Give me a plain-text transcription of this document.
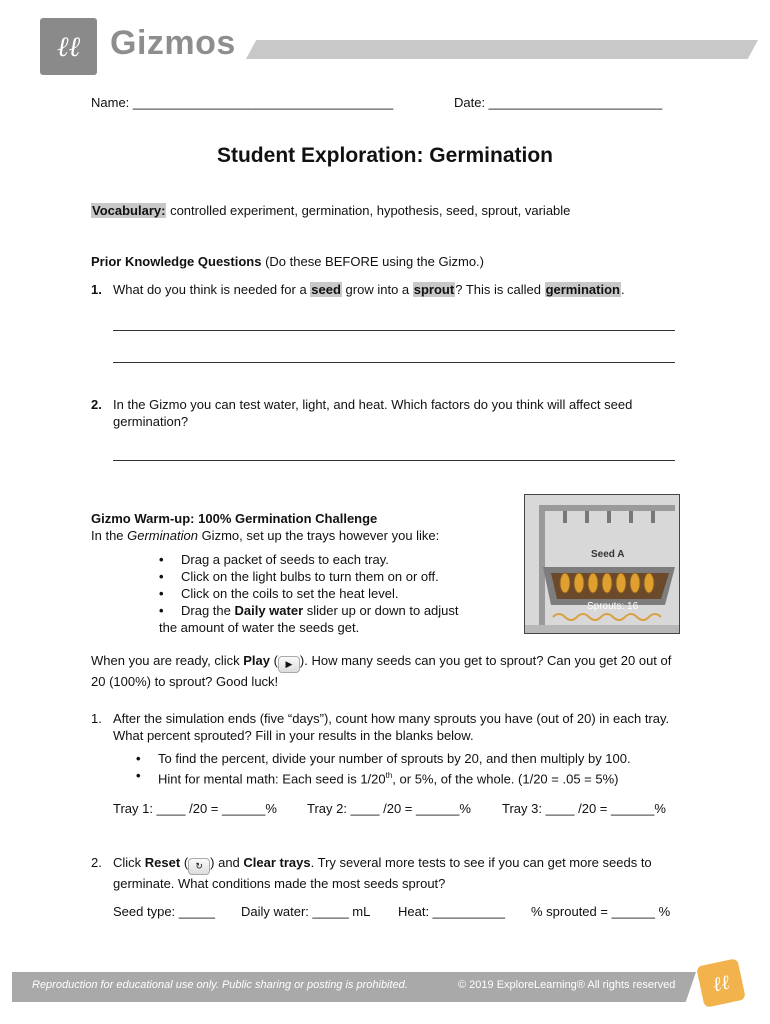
ℓℓ Gizmos
Name: ____________________________________	Date: ________________________
Student Exploration: Germination
Vocabulary: controlled experiment, germination, hypothesis, seed, sprout, variable
Prior Knowledge Questions (Do these BEFORE using the Gizmo.)
1. What do you think is needed for a seed grow into a sprout? This is called germination.
2. In the Gizmo you can test water, light, and heat. Which factors do you think will affect seed germination?
Gizmo Warm-up: 100% Germination Challenge
In the Germination Gizmo, set up the trays however you like:
• Drag a packet of seeds to each tray.
• Click on the light bulbs to turn them on or off.
• Click on the coils to set the heat level.
• Drag the Daily water slider up or down to adjust
the amount of water the seeds get.
Seed A
Sprouts: 16
When you are ready, click Play ( ▶ ). How many seeds can you get to sprout? Can you get 20 out of 20 (100%) to sprout? Good luck!
1. After the simulation ends (five “days”), count how many sprouts you have (out of 20) in each tray. What percent sprouted? Fill in your results in the blanks below.
• To find the percent, divide your number of sprouts by 20, and then multiply by 100.
• Hint for mental math: Each seed is 1/20th, or 5%, of the whole. (1/20 = .05 = 5%)
Tray 1: ____ /20 = ______% Tray 2: ____ /20 = ______% Tray 3: ____ /20 = ______%
2. Click Reset ( ↻ ) and Clear trays. Try several more tests to see if you can get more seeds to germinate. What conditions made the most seeds sprout?
Seed type: _____ Daily water: _____ mL Heat: __________ % sprouted = ______ %
Reproduction for educational use only. Public sharing or posting is prohibited.	© 2019 ExploreLearning® All rights reserved	ℓℓ
